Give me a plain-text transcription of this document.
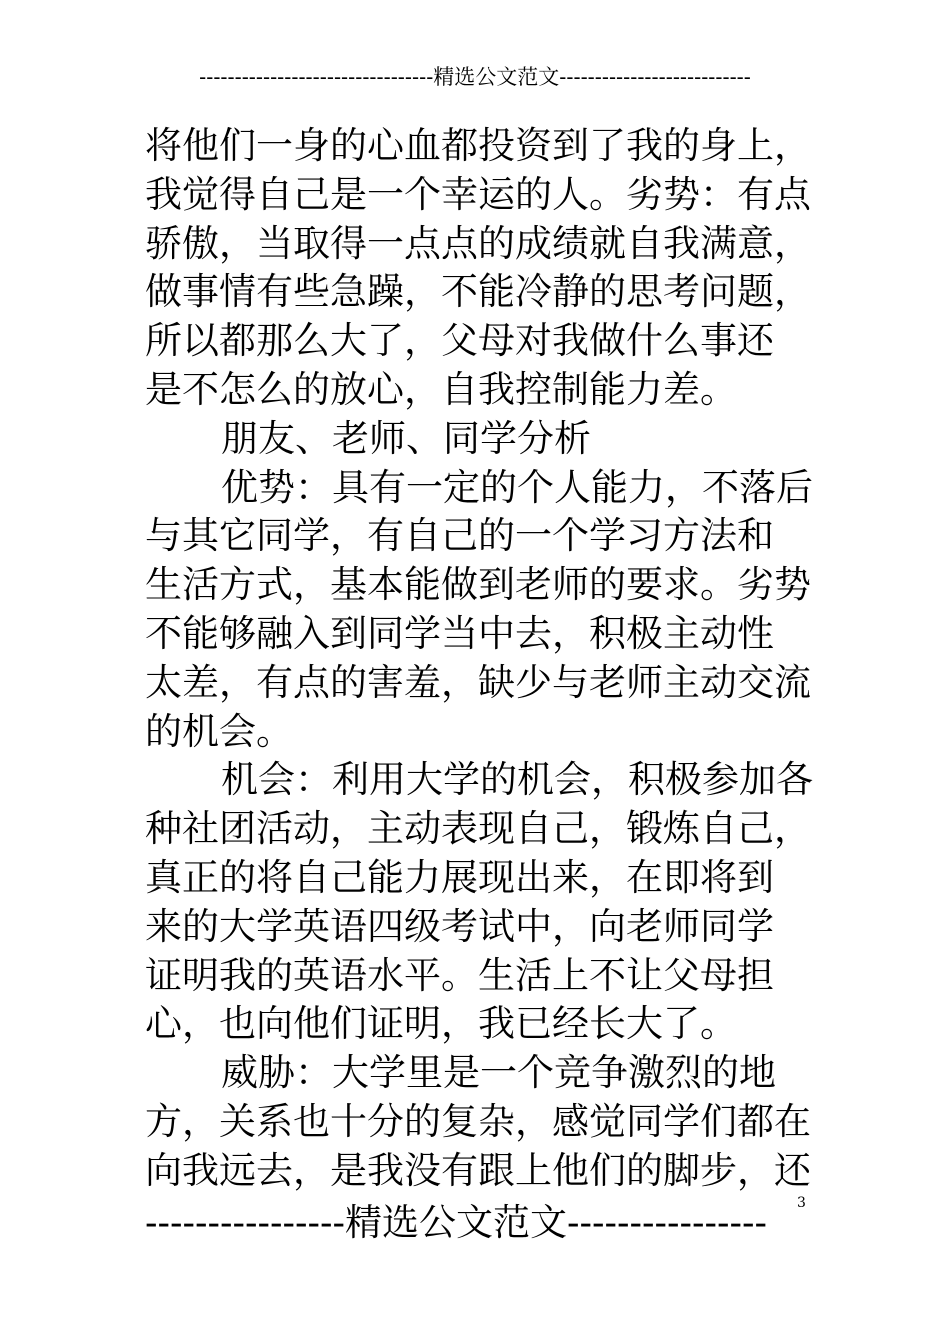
---------------------------------精选公文范文---------------------------
将他们一身的心血都投资到了我的身上，
我觉得自己是一个幸运的人。劣势：有点
骄傲，当取得一点点的成绩就自我满意，
做事情有些急躁，不能冷静的思考问题，
所以都那么大了，父母对我做什么事还
是不怎么的放心，自我控制能力差。
朋友、老师、同学分析
优势：具有一定的个人能力，不落后
与其它同学，有自己的一个学习方法和
生活方式，基本能做到老师的要求。劣势
不能够融入到同学当中去，积极主动性
太差，有点的害羞，缺少与老师主动交流
的机会。
机会：利用大学的机会，积极参加各
种社团活动，主动表现自己，锻炼自己，
真正的将自己能力展现出来，在即将到
来的大学英语四级考试中，向老师同学
证明我的英语水平。生活上不让父母担
心，也向他们证明，我已经长大了。
威胁：大学里是一个竞争激烈的地
方，关系也十分的复杂，感觉同学们都在
向我远去，是我没有跟上他们的脚步，还
----------------精选公文范文----------------	3
